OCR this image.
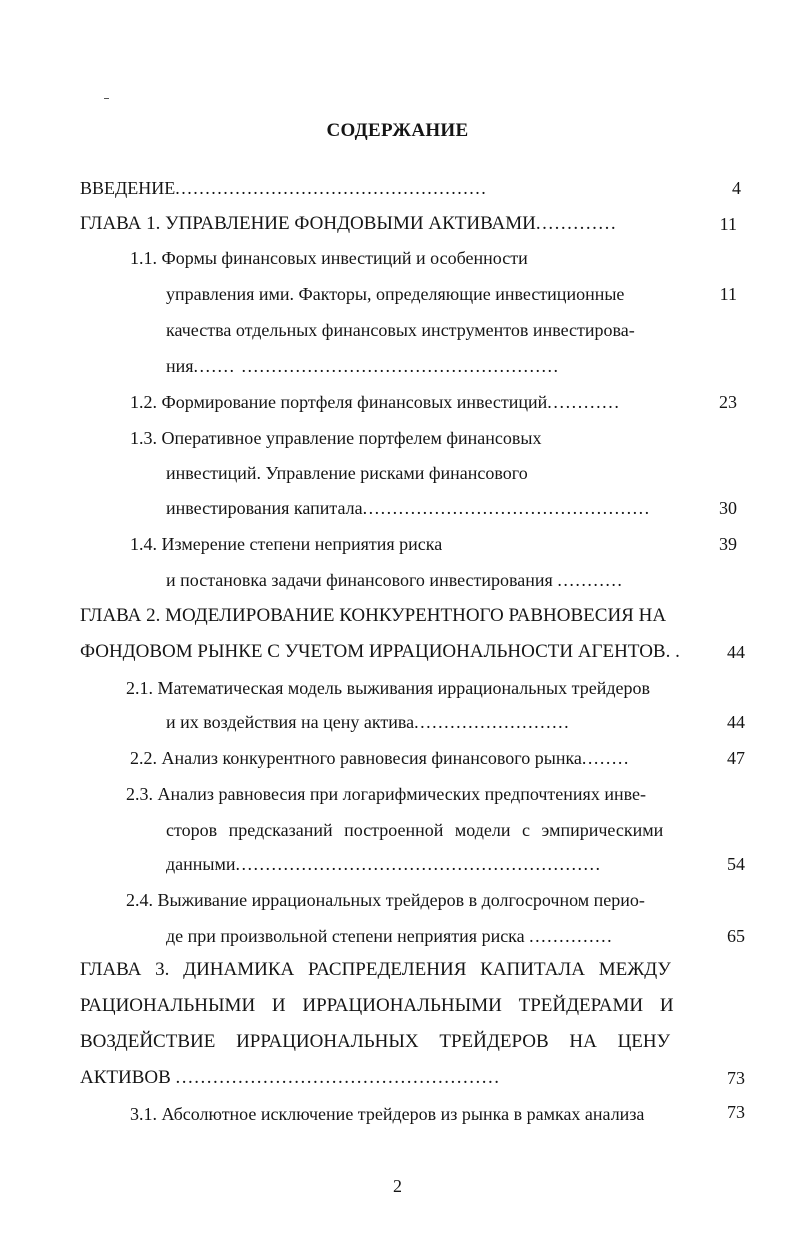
СОДЕРЖАНИЕ
ВВЕДЕНИЕ....................................................	4
ГЛАВА 1. УПРАВЛЕНИЕ ФОНДОВЫМИ АКТИВАМИ.............	11
1.1. Формы финансовых инвестиций и особенности
управления ими. Факторы, определяющие инвестиционные	11
качества отдельных финансовых инструментов инвестирова-
ния....... .....................................................
1.2. Формирование портфеля финансовых инвестиций............	23
1.3. Оперативное управление портфелем финансовых
инвестиций. Управление рисками финансового
инвестирования капитала................................................	30
1.4. Измерение степени неприятия риска	39
и постановка задачи финансового инвестирования ...........
ГЛАВА 2. МОДЕЛИРОВАНИЕ КОНКУРЕНТНОГО РАВНОВЕСИЯ НА
ФОНДОВОМ РЫНКЕ С УЧЕТОМ ИРРАЦИОНАЛЬНОСТИ АГЕНТОВ. .	44
2.1. Математическая модель выживания иррациональных трейдеров
и их воздействия на цену актива..........................	44
2.2. Анализ конкурентного равновесия финансового рынка........	47
2.3. Анализ равновесия при логарифмических предпочтениях инве-
сторов предсказаний построенной модели с эмпирическими
данными.............................................................	54
2.4. Выживание иррациональных трейдеров в долгосрочном перио-
де при произвольной степени неприятия риска ..............	65
ГЛАВА 3. ДИНАМИКА РАСПРЕДЕЛЕНИЯ КАПИТАЛА МЕЖДУ
РАЦИОНАЛЬНЫМИ И ИРРАЦИОНАЛЬНЫМИ ТРЕЙДЕРАМИ И
ВОЗДЕЙСТВИЕ ИРРАЦИОНАЛЬНЫХ ТРЕЙДЕРОВ НА ЦЕНУ
АКТИВОВ ....................................................	73
3.1. Абсолютное исключение трейдеров из рынка в рамках анализа	73
2
